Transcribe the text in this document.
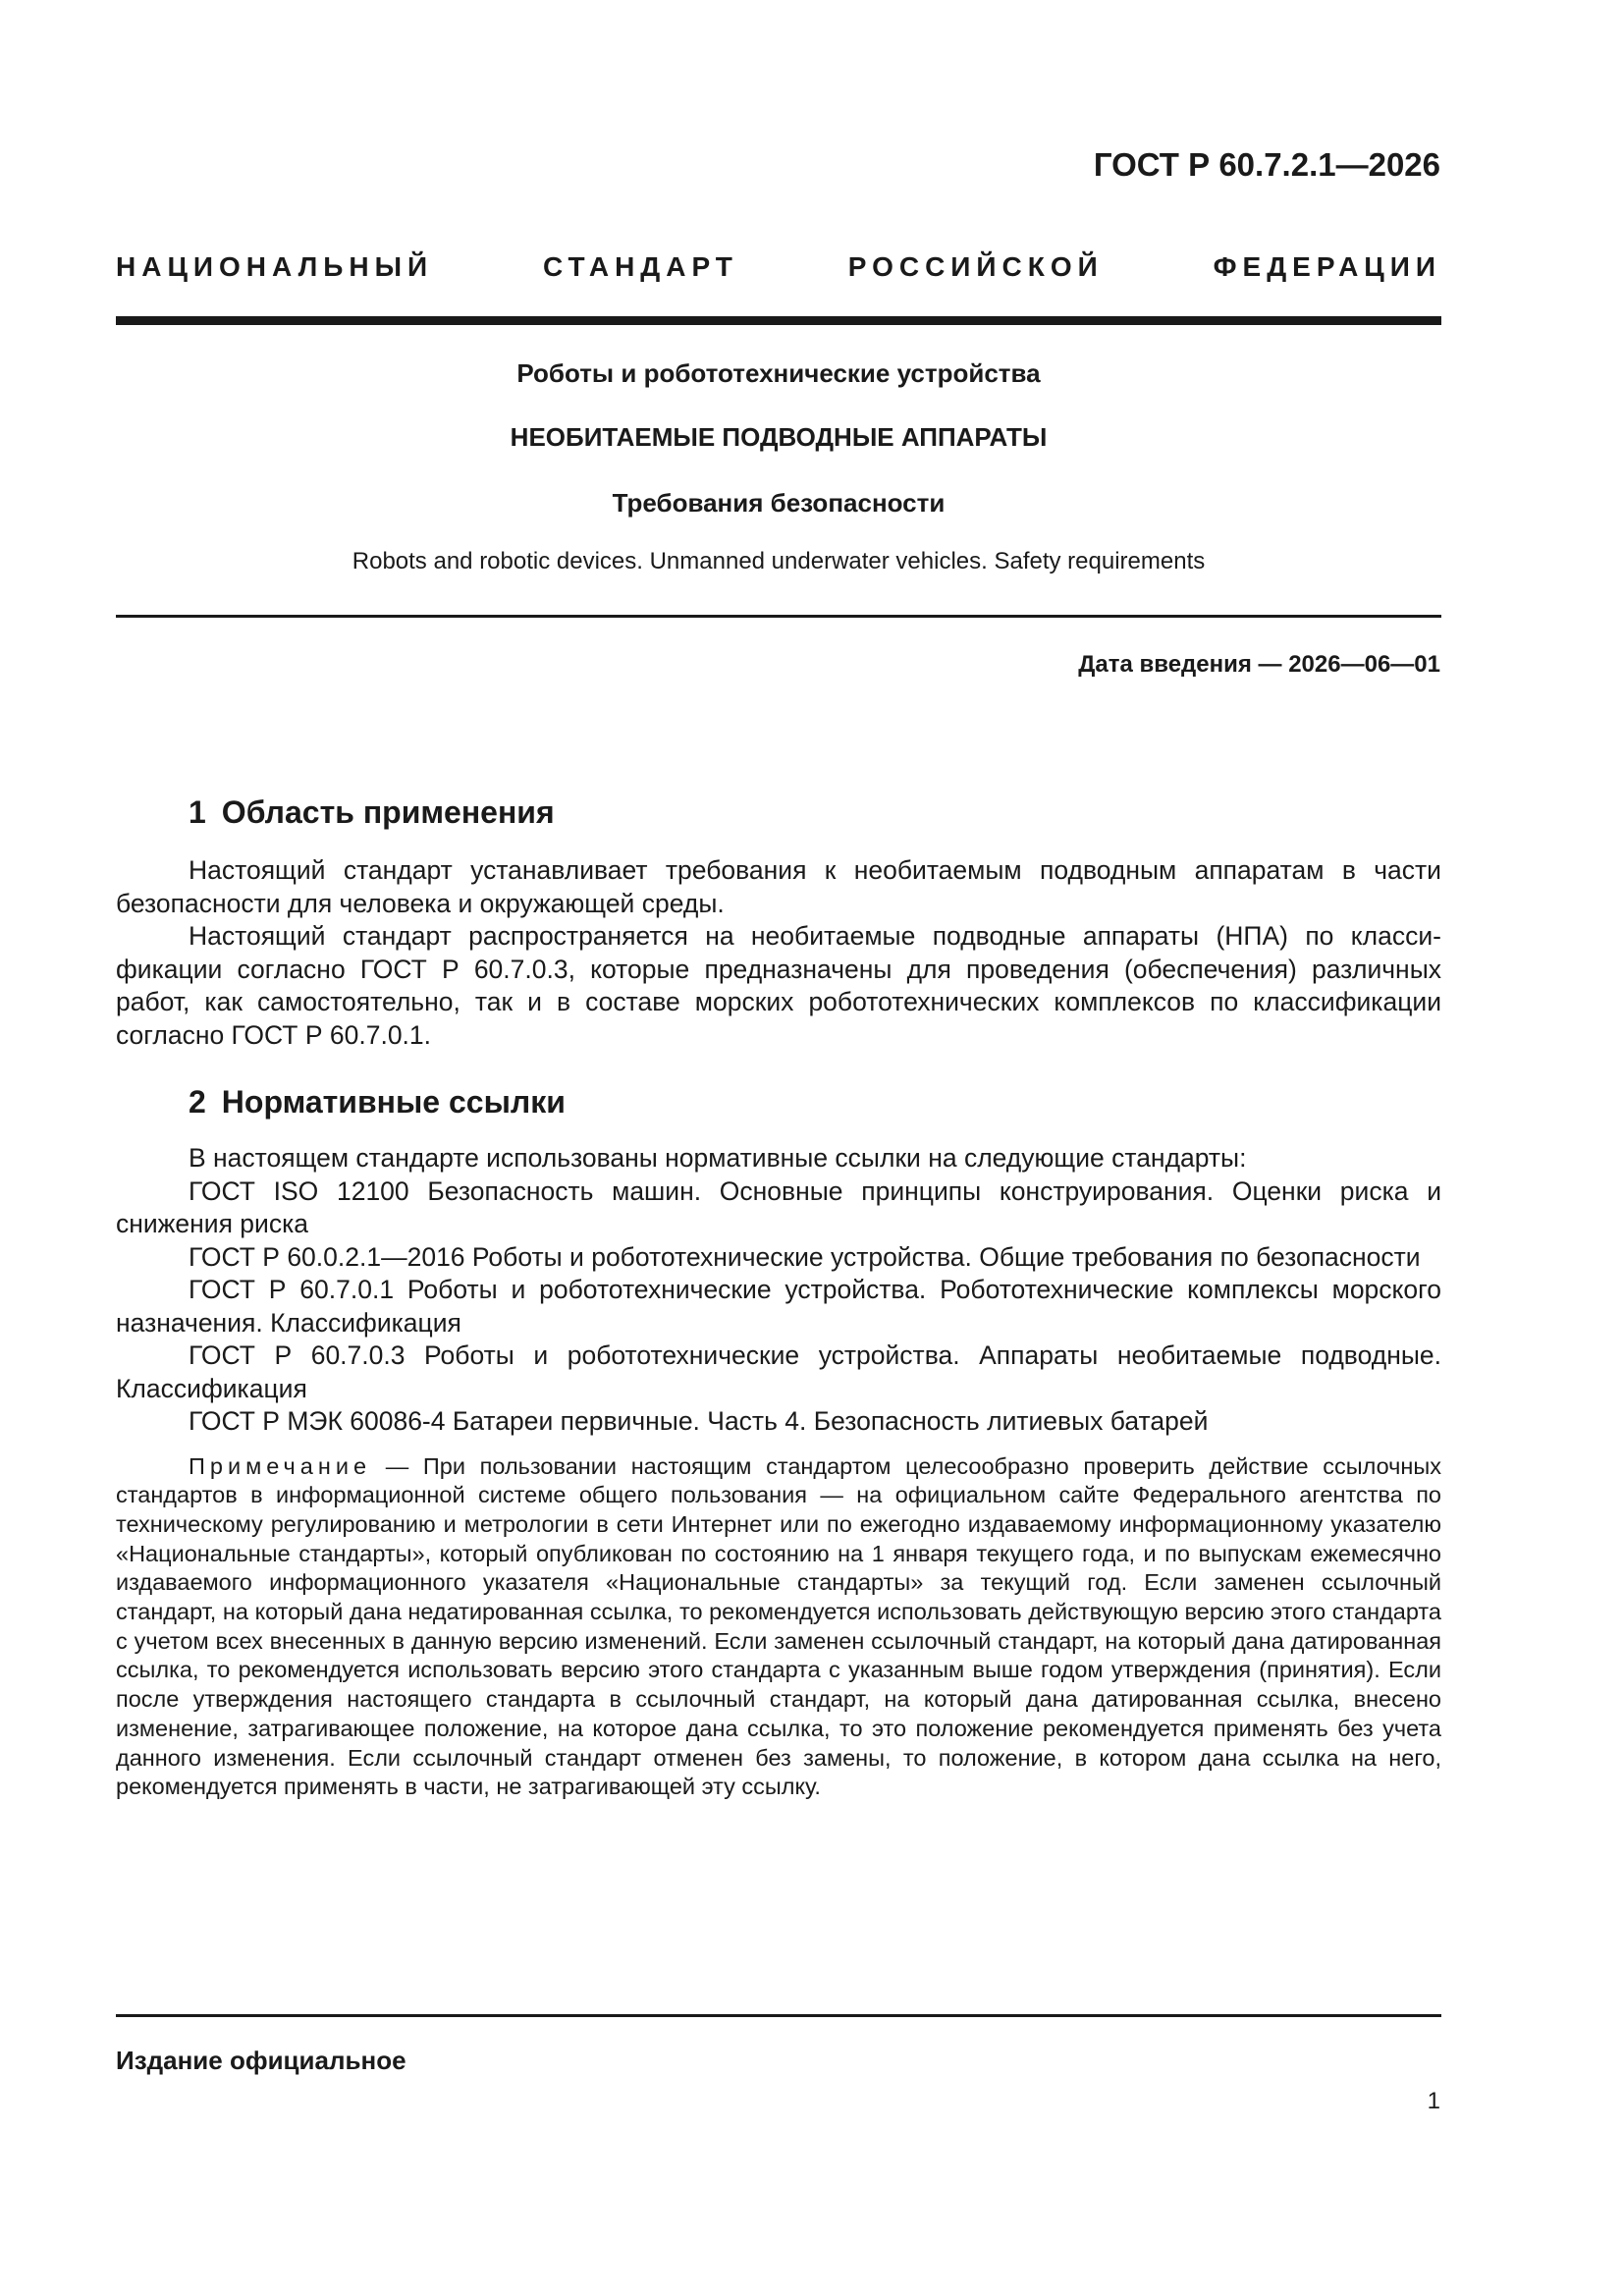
ГОСТ Р 60.7.2.1—2026
НАЦИОНАЛЬНЫЙ СТАНДАРТ РОССИЙСКОЙ ФЕДЕРАЦИИ
Роботы и робототехнические устройства
НЕОБИТАЕМЫЕ ПОДВОДНЫЕ АППАРАТЫ
Требования безопасности
Robots and robotic devices. Unmanned underwater vehicles. Safety requirements
Дата введения — 2026—06—01
1 Область применения

Настоящий стандарт устанавливает требования к необитаемым подводным аппаратам в части безопасности для человека и окружающей среды.

Настоящий стандарт распространяется на необитаемые подводные аппараты (НПА) по классификации согласно ГОСТ Р 60.7.0.3, которые предназначены для проведения (обеспечения) различных работ, как самостоятельно, так и в составе морских робототехнических комплексов по классификации согласно ГОСТ Р 60.7.0.1.

2 Нормативные ссылки

В настоящем стандарте использованы нормативные ссылки на следующие стандарты:

ГОСТ ISO 12100 Безопасность машин. Основные принципы конструирования. Оценки риска и снижения риска

ГОСТ Р 60.0.2.1—2016 Роботы и робототехнические устройства. Общие требования по безопасности

ГОСТ Р 60.7.0.1 Роботы и робототехнические устройства. Робототехнические комплексы морского назначения. Классификация

ГОСТ Р 60.7.0.3 Роботы и робототехнические устройства. Аппараты необитаемые подводные. Классификация

ГОСТ Р МЭК 60086-4 Батареи первичные. Часть 4. Безопасность литиевых батарей

Примечание — При пользовании настоящим стандартом целесообразно проверить действие ссылочных стандартов в информационной системе общего пользования — на официальном сайте Федерального агентства по техническому регулированию и метрологии в сети Интернет или по ежегодно издаваемому информационному указателю «Национальные стандарты», который опубликован по состоянию на 1 января текущего года, и по выпускам ежемесячно издаваемого информационного указателя «Национальные стандарты» за текущий год. Если заменен ссылочный стандарт, на который дана недатированная ссылка, то рекомендуется использовать действующую версию этого стандарта с учетом всех внесенных в данную версию изменений. Если заменен ссылочный стандарт, на который дана датированная ссылка, то рекомендуется использовать версию этого стандарта с указанным выше годом утверждения (принятия). Если после утверждения настоящего стандарта в ссылочный стандарт, на который дана датированная ссылка, внесено изменение, затрагивающее положение, на которое дана ссылка, то это положение рекомендуется применять без учета данного изменения. Если ссылочный стандарт отменен без замены, то положение, в котором дана ссылка на него, рекомендуется применять в части, не затрагивающей эту ссылку.

Издание официальное
1
